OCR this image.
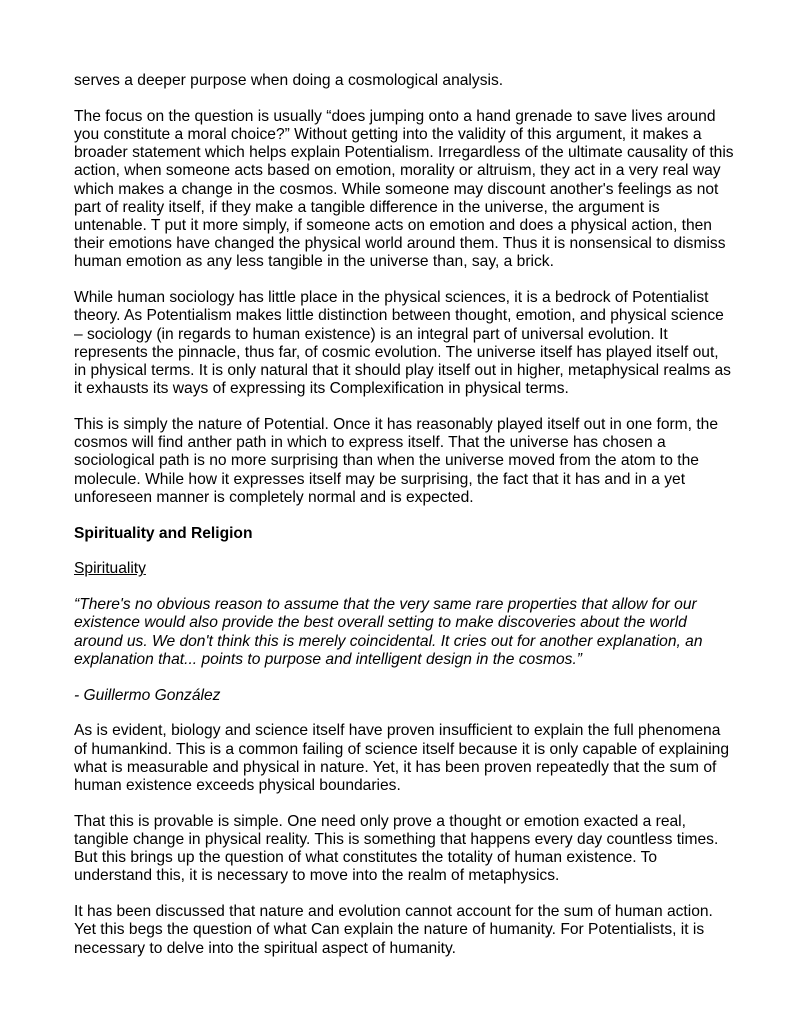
serves a deeper purpose when doing a cosmological analysis.

The focus on the question is usually “does jumping onto a hand grenade to save lives around you constitute a moral choice?” Without getting into the validity of this argument, it makes a broader statement which helps explain Potentialism. Irregardless of the ultimate causality of this action, when someone acts based on emotion, morality or altruism, they act in a very real way which makes a change in the cosmos. While someone may discount another's feelings as not part of reality itself, if they make a tangible difference in the universe, the argument is untenable. T put it more simply, if someone acts on emotion and does a physical action, then their emotions have changed the physical world around them. Thus it is nonsensical to dismiss human emotion as any less tangible in the universe than, say, a brick.

While human sociology has little place in the physical sciences, it is a bedrock of Potentialist theory. As Potentialism makes little distinction between thought, emotion, and physical science – sociology (in regards to human existence) is an integral part of universal evolution. It represents the pinnacle, thus far, of cosmic evolution. The universe itself has played itself out, in physical terms. It is only natural that it should play itself out in higher, metaphysical realms as it exhausts its ways of expressing its Complexification in physical terms.

This is simply the nature of Potential. Once it has reasonably played itself out in one form, the cosmos will find anther path in which to express itself. That the universe has chosen a sociological path is no more surprising than when the universe moved from the atom to the molecule. While how it expresses itself may be surprising, the fact that it has and in a yet unforeseen manner is completely normal and is expected.

Spirituality and Religion

Spirituality

“There's no obvious reason to assume that the very same rare properties that allow for our existence would also provide the best overall setting to make discoveries about the world around us. We don't think this is merely coincidental. It cries out for another explanation, an explanation that... points to purpose and intelligent design in the cosmos.”

- Guillermo González

As is evident, biology and science itself have proven insufficient to explain the full phenomena of humankind. This is a common failing of science itself because it is only capable of explaining what is measurable and physical in nature. Yet, it has been proven repeatedly that the sum of human existence exceeds physical boundaries.

That this is provable is simple. One need only prove a thought or emotion exacted a real, tangible change in physical reality. This is something that happens every day countless times. But this brings up the question of what constitutes the totality of human existence. To understand this, it is necessary to move into the realm of metaphysics.

It has been discussed that nature and evolution cannot account for the sum of human action. Yet this begs the question of what Can explain the nature of humanity. For Potentialists, it is necessary to delve into the spiritual aspect of humanity.
